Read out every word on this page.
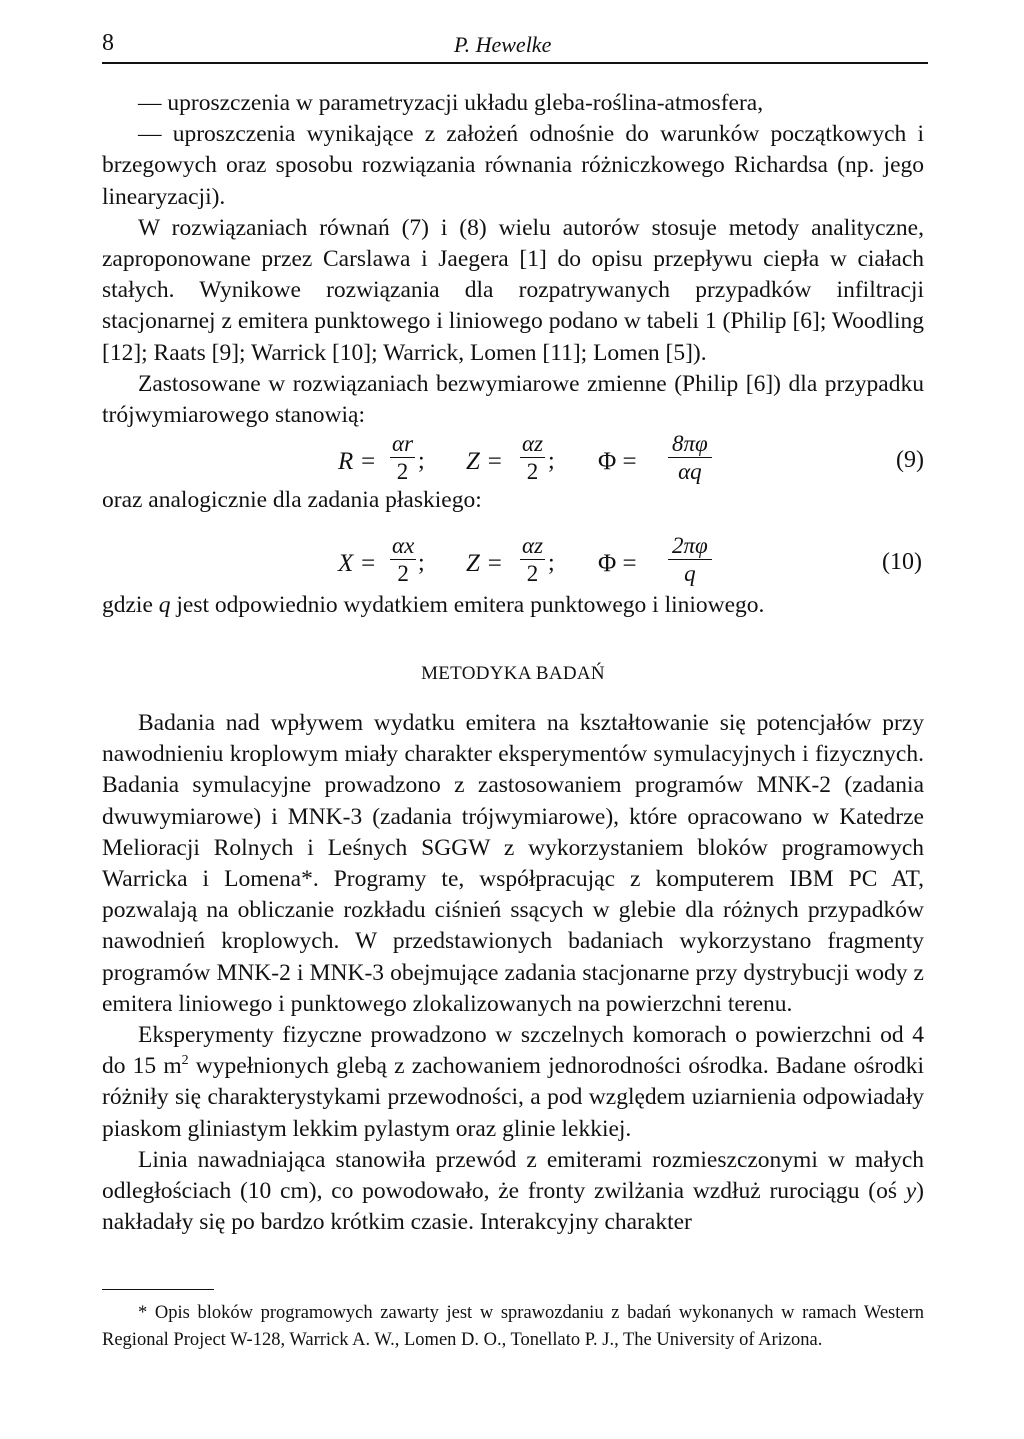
8	P. Hewelke

— uproszczenia w parametryzacji układu gleba-roślina-atmosfera,

— uproszczenia wynikające z założeń odnośnie do warunków początkowych i brzegowych oraz sposobu rozwiązania równania różniczkowego Richardsa (np. jego linearyzacji).

W rozwiązaniach równań (7) i (8) wielu autorów stosuje metody analityczne, zaproponowane przez Carslawa i Jaegera [1] do opisu przepływu ciepła w ciałach stałych. Wynikowe rozwiązania dla rozpatrywanych przypadków infiltracji stacjonarnej z emitera punktowego i liniowego podano w tabeli 1 (Philip [6]; Woodling [12]; Raats [9]; Warrick [10]; Warrick, Lomen [11]; Lomen [5]).

Zastosowane w rozwiązaniach bezwymiarowe zmienne (Philip [6]) dla przypadku trójwymiarowego stanowią:

$R = \frac{\alpha r}{2}$ ; $Z = \frac{\alpha z}{2}$ ; $\Phi = \frac{8\pi\varphi}{\alpha q}$	(9)

oraz analogicznie dla zadania płaskiego:

$X = \frac{\alpha x}{2}$ ; $Z = \frac{\alpha z}{2}$ ; $\Phi = \frac{2\pi\varphi}{q}$	(10)

gdzie q jest odpowiednio wydatkiem emitera punktowego i liniowego.

METODYKA BADAŃ

Badania nad wpływem wydatku emitera na kształtowanie się potencjałów przy nawodnieniu kroplowym miały charakter eksperymentów symulacyjnych i fizycznych. Badania symulacyjne prowadzono z zastosowaniem programów MNK-2 (zadania dwuwymiarowe) i MNK-3 (zadania trójwymiarowe), które opracowano w Katedrze Melioracji Rolnych i Leśnych SGGW z wykorzystaniem bloków programowych Warricka i Lomena*. Programy te, współpracując z komputerem IBM PC AT, pozwalają na obliczanie rozkładu ciśnień ssących w glebie dla różnych przypadków nawodnień kroplowych. W przedstawionych badaniach wykorzystano fragmenty programów MNK-2 i MNK-3 obejmujące zadania stacjonarne przy dystrybucji wody z emitera liniowego i punktowego zlokalizowanych na powierzchni terenu.

Eksperymenty fizyczne prowadzono w szczelnych komorach o powierzchni od 4 do 15 $m^2$ wypełnionych glebą z zachowaniem jednorodności ośrodka. Badane ośrodki różniły się charakterystykami przewodności, a pod względem uziarnienia odpowiadały piaskom gliniastym lekkim pylastym oraz glinie lekkiej.

Linia nawadniająca stanowiła przewód z emiterami rozmieszczonymi w małych odległościach (10 cm), co powodowało, że fronty zwilżania wzdłuż rurociągu (oś y) nakładały się po bardzo krótkim czasie. Interakcyjny charakter

* Opis bloków programowych zawarty jest w sprawozdaniu z badań wykonanych w ramach Western Regional Project W-128, Warrick A. W., Lomen D. O., Tonellato P. J., The University of Arizona.
